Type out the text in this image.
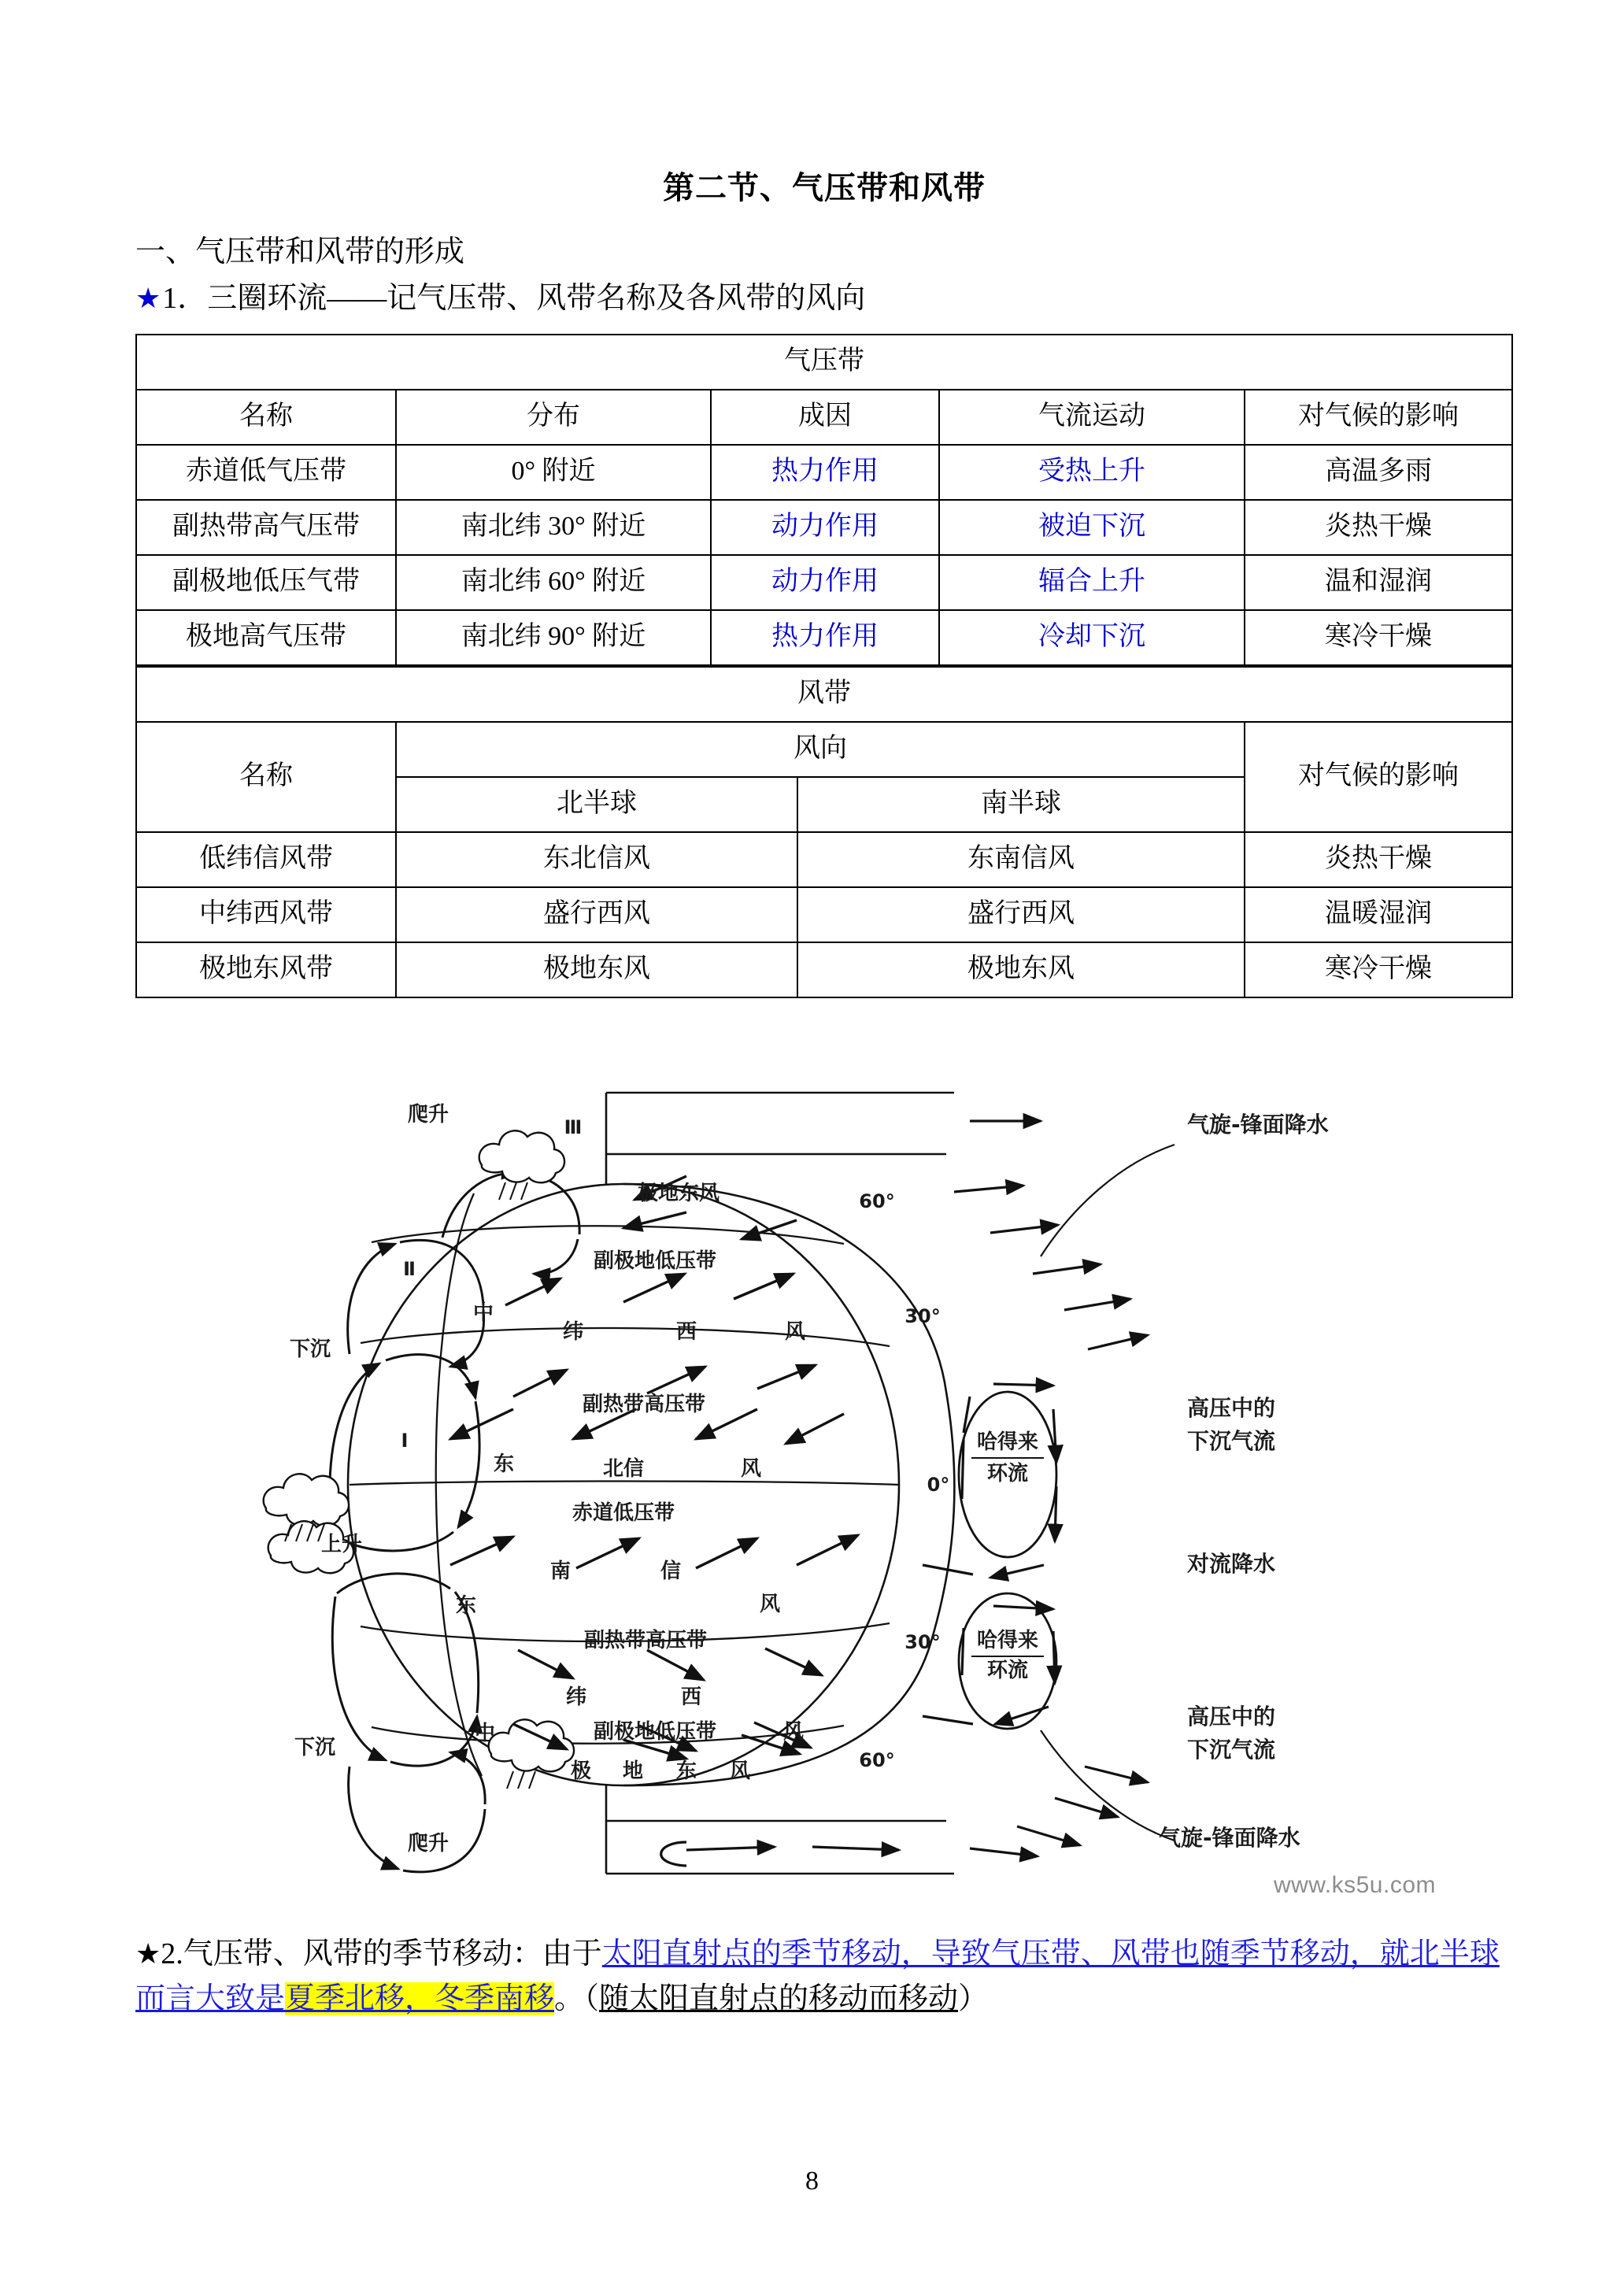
第二节、气压带和风带
一、气压带和风带的形成
★ 1．三圈环流——记气压带、风带名称及各风带的风向
气压带				
名称	分布	成因	气流运动	对气候的影响
赤道低气压带	0° 附近	热力作用	受热上升	高温多雨
副热带高气压带	南北纬 30° 附近	动力作用	被迫下沉	炎热干燥
副极地低压气带	南北纬 60° 附近	动力作用	辐合上升	温和湿润
极地高气压带	南北纬 90° 附近	热力作用	冷却下沉	寒冷干燥
风带			
名称	风向		对气候的影响
	北半球	南半球	
低纬信风带	东北信风	东南信风	炎热干燥
中纬西风带	盛行西风	盛行西风	温暖湿润
极地东风带	极地东风	极地东风	寒冷干燥
爬升
爬升
下沉
下沉
上升
Ⅰ
Ⅱ
Ⅲ
极地东风
副极地低压带
中
纬	西	风
副热带高压带
东	北信	风
赤道低压带
南	信
东	风
副热带高压带
纬	西
中	风
副极地低压带
极 地 东 风
60°
30°
0°
30°
60°
气旋-锋面降水
高压中的
下沉气流
哈得来
环流
对流降水
哈得来
环流
高压中的
下沉气流
气旋-锋面降水
www.ks5u.com
★2.气压带、风带的季节移动：由于太阳直射点的季节移动，导致气压带、风带也随季节移动，就北半球而言大致是夏季北移，冬季南移。（随太阳直射点的移动而移动）
8
